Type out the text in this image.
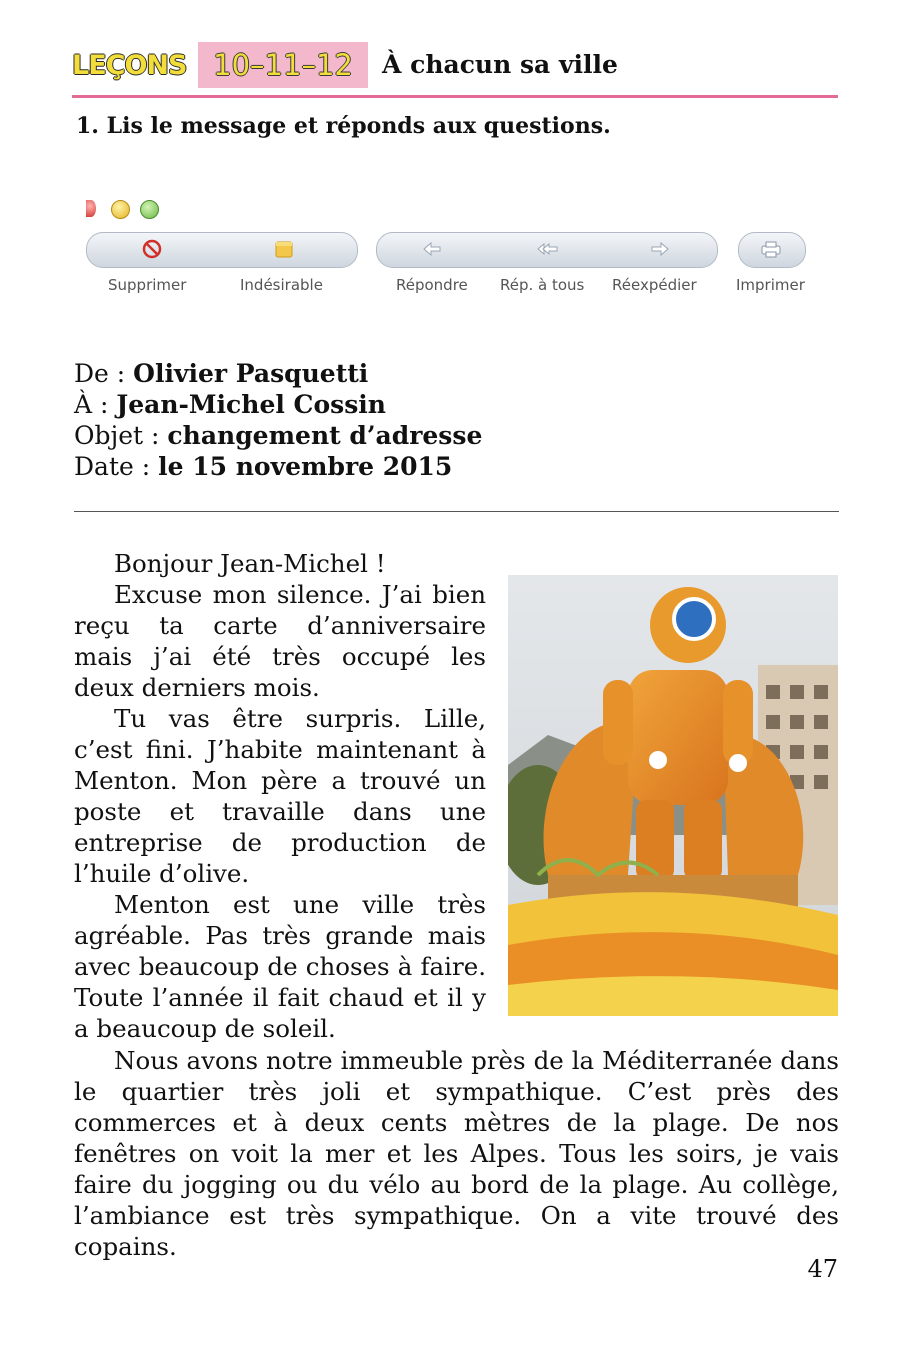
LEÇONS 10–11–12	À chacun sa ville
1. Lis le message et réponds aux questions.
Supprimer	Indésirable	Répondre Rép. à tous Réexpédier	Imprimer
De : Olivier Pasquetti
À : Jean-Michel Cossin
Objet : changement d’adresse
Date : le 15 novembre 2015

Bonjour Jean-Michel !

Excuse mon silence. J’ai bien reçu ta carte d’anniversaire mais j’ai été très occupé les deux derniers mois.

Tu vas être surpris. Lille, c’est fini. J’habite maintenant à Menton. Mon père a trouvé un poste et travaille dans une entreprise de production de l’huile d’olive.

Menton est une ville très agréable. Pas très grande mais avec beaucoup de choses à faire. Toute l’année il fait chaud et il y a beaucoup de soleil.

Nous avons notre immeuble près de la Méditerranée dans le quartier très joli et sympathique. C’est près des commerces et à deux cents mètres de la plage. De nos fenêtres on voit la mer et les Alpes. Tous les soirs, je vais faire du jogging ou du vélo au bord de la plage. Au collège, l’ambiance est très sympathique. On a vite trouvé des copains.

47
